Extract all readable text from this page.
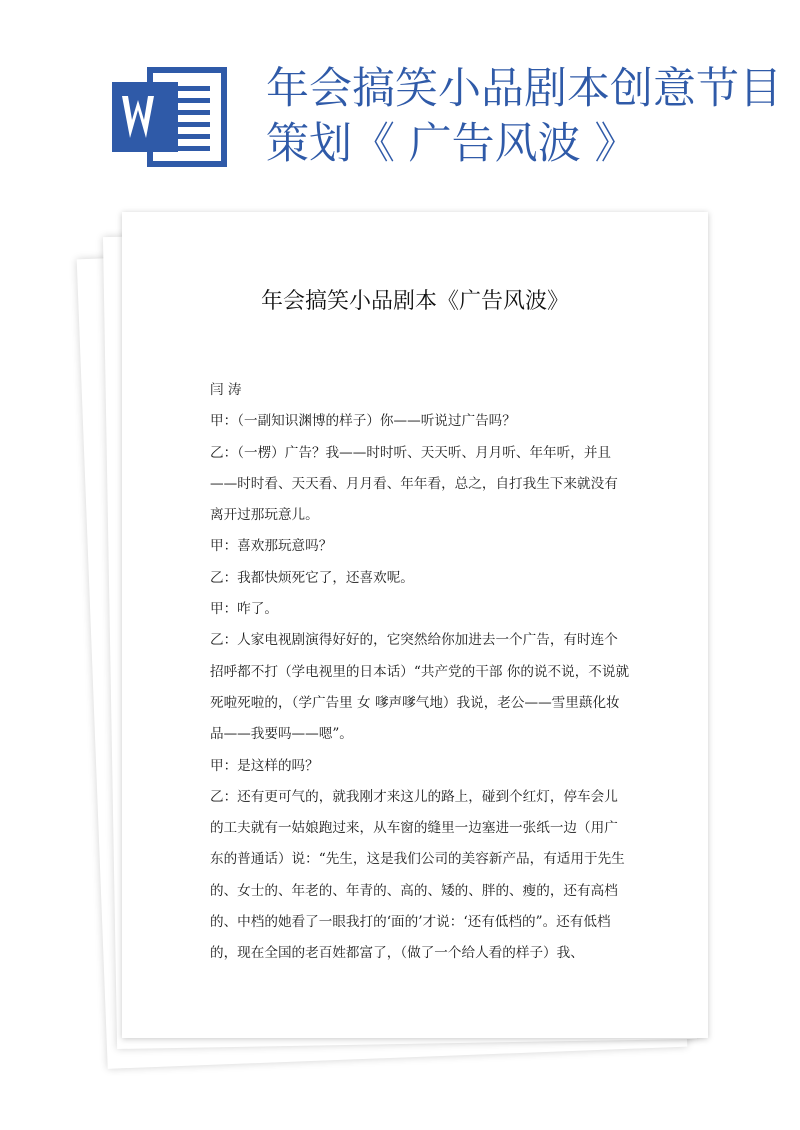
年会搞笑小品剧本创意节目策划《 广告风波 》
年会搞笑小品剧本《广告风波》

闫 涛

甲：（一副知识渊博的样子）你——听说过广告吗？

乙：（一楞）广告？我——时时听、天天听、月月听、年年听，并且——时时看、天天看、月月看、年年看，总之，自打我生下来就没有离开过那玩意儿。

甲：喜欢那玩意吗？

乙：我都快烦死它了，还喜欢呢。

甲：咋了。

乙：人家电视剧演得好好的，它突然给你加进去一个广告，有时连个招呼都不打（学电视里的日本话）“共产党的干部 你的说不说，不说就死啦死啦的，（学广告里 女 嗲声嗲气地）我说，老公——雪里蕻化妆品——我要吗——嗯”。

甲：是这样的吗？

乙：还有更可气的，就我刚才来这儿的路上，碰到个红灯，停车会儿的工夫就有一姑娘跑过来，从车窗的缝里一边塞进一张纸一边（用广东的普通话）说：“先生，这是我们公司的美容新产品，有适用于先生的、女士的、年老的、年青的、高的、矮的、胖的、瘦的，还有高档的、中档的她看了一眼我打的‘面的’才说：‘还有低档的”。还有低档的，现在全国的老百姓都富了，（做了一个给人看的样子）我、
